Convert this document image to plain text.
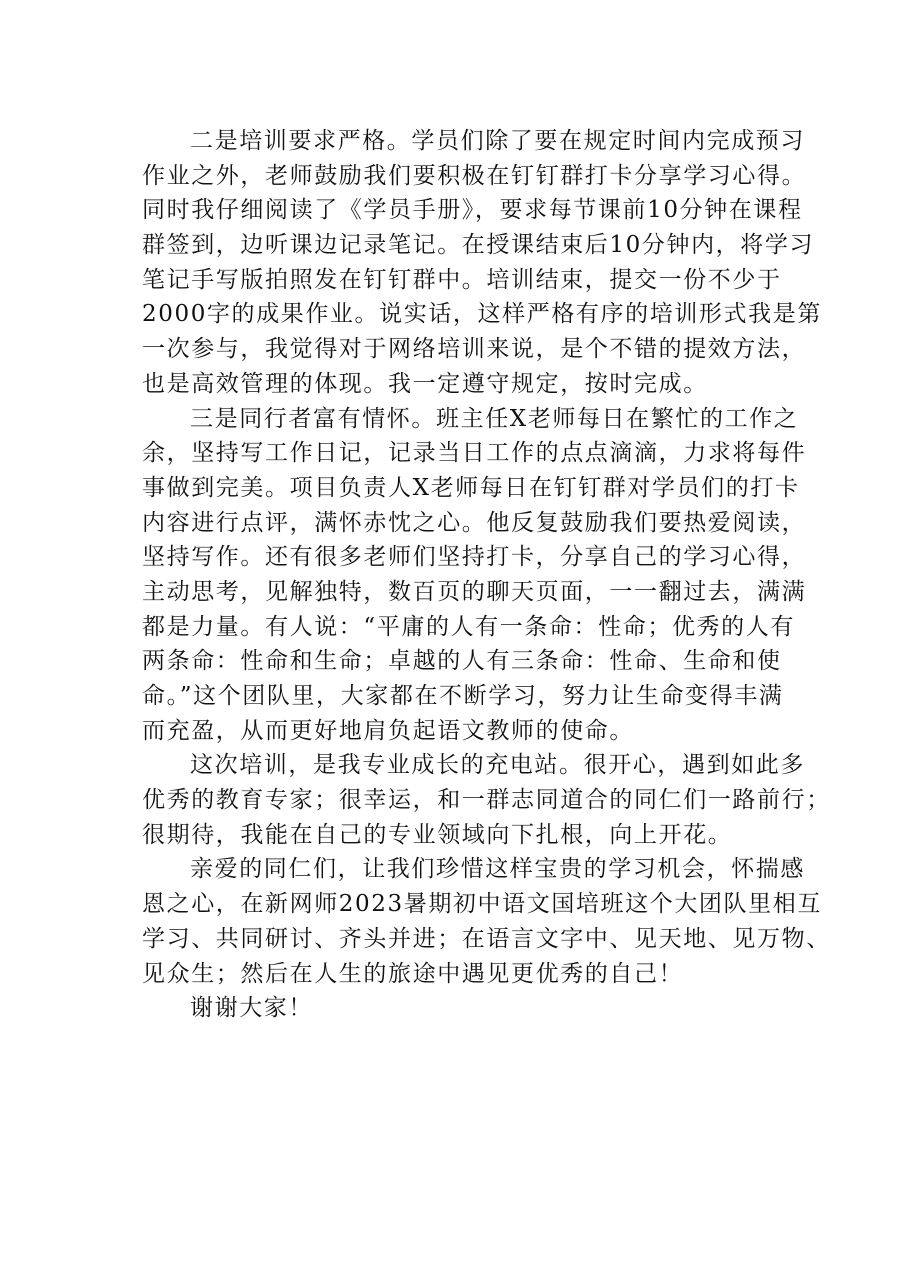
二是培训要求严格。学员们除了要在规定时间内完成预习
作业之外，老师鼓励我们要积极在钉钉群打卡分享学习心得。
同时我仔细阅读了《学员手册》，要求每节课前10分钟在课程
群签到，边听课边记录笔记。在授课结束后10分钟内，将学习
笔记手写版拍照发在钉钉群中。培训结束，提交一份不少于
2000字的成果作业。说实话，这样严格有序的培训形式我是第
一次参与，我觉得对于网络培训来说，是个不错的提效方法，
也是高效管理的体现。我一定遵守规定，按时完成。
三是同行者富有情怀。班主任X老师每日在繁忙的工作之
余，坚持写工作日记，记录当日工作的点点滴滴，力求将每件
事做到完美。项目负责人X老师每日在钉钉群对学员们的打卡
内容进行点评，满怀赤忱之心。他反复鼓励我们要热爱阅读，
坚持写作。还有很多老师们坚持打卡，分享自己的学习心得，
主动思考，见解独特，数百页的聊天页面，一一翻过去，满满
都是力量。有人说：“平庸的人有一条命：性命；优秀的人有
两条命：性命和生命；卓越的人有三条命：性命、生命和使
命。”这个团队里，大家都在不断学习，努力让生命变得丰满
而充盈，从而更好地肩负起语文教师的使命。
这次培训，是我专业成长的充电站。很开心，遇到如此多
优秀的教育专家；很幸运，和一群志同道合的同仁们一路前行；
很期待，我能在自己的专业领域向下扎根，向上开花。
亲爱的同仁们，让我们珍惜这样宝贵的学习机会，怀揣感
恩之心，在新网师2023暑期初中语文国培班这个大团队里相互
学习、共同研讨、齐头并进；在语言文字中、见天地、见万物、
见众生；然后在人生的旅途中遇见更优秀的自己！
谢谢大家！
